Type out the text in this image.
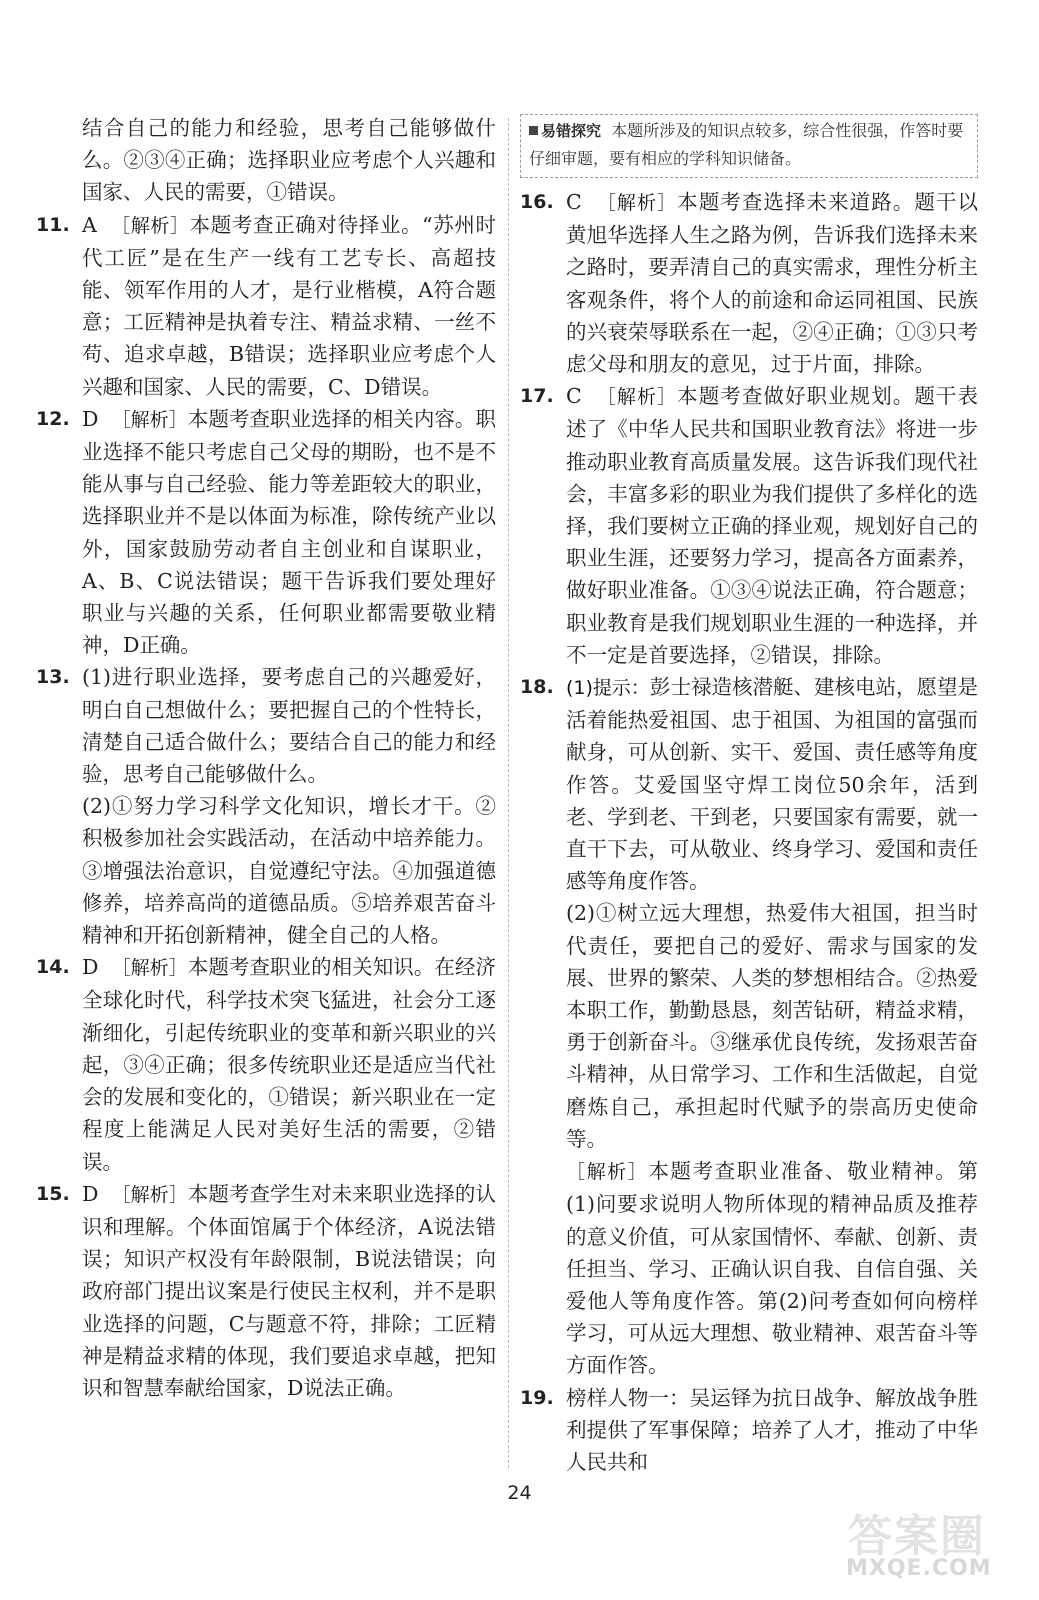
结合自己的能力和经验，思考自己能够做什么。②③④正确；选择职业应考虑个人兴趣和国家、人民的需要，①错误。
11. A ［解析］本题考查正确对待择业。“苏州时代工匠”是在生产一线有工艺专长、高超技能、领军作用的人才，是行业楷模，A符合题意；工匠精神是执着专注、精益求精、一丝不苟、追求卓越，B错误；选择职业应考虑个人兴趣和国家、人民的需要，C、D错误。
12. D ［解析］本题考查职业选择的相关内容。职业选择不能只考虑自己父母的期盼，也不是不能从事与自己经验、能力等差距较大的职业，选择职业并不是以体面为标准，除传统产业以外，国家鼓励劳动者自主创业和自谋职业，A、B、C说法错误；题干告诉我们要处理好职业与兴趣的关系，任何职业都需要敬业精神，D正确。
13. (1)进行职业选择，要考虑自己的兴趣爱好，明白自己想做什么；要把握自己的个性特长，清楚自己适合做什么；要结合自己的能力和经验，思考自己能够做什么。
(2)①努力学习科学文化知识，增长才干。②积极参加社会实践活动，在活动中培养能力。③增强法治意识，自觉遵纪守法。④加强道德修养，培养高尚的道德品质。⑤培养艰苦奋斗精神和开拓创新精神，健全自己的人格。
14. D ［解析］本题考查职业的相关知识。在经济全球化时代，科学技术突飞猛进，社会分工逐渐细化，引起传统职业的变革和新兴职业的兴起，③④正确；很多传统职业还是适应当代社会的发展和变化的，①错误；新兴职业在一定程度上能满足人民对美好生活的需要，②错误。
15. D ［解析］本题考查学生对未来职业选择的认识和理解。个体面馆属于个体经济，A说法错误；知识产权没有年龄限制，B说法错误；向政府部门提出议案是行使民主权利，并不是职业选择的问题，C与题意不符，排除；工匠精神是精益求精的体现，我们要追求卓越，把知识和智慧奉献给国家，D说法正确。
易错探究 本题所涉及的知识点较多，综合性很强，作答时要仔细审题，要有相应的学科知识储备。
16. C ［解析］本题考查选择未来道路。题干以黄旭华选择人生之路为例，告诉我们选择未来之路时，要弄清自己的真实需求，理性分析主客观条件，将个人的前途和命运同祖国、民族的兴衰荣辱联系在一起，②④正确；①③只考虑父母和朋友的意见，过于片面，排除。
17. C ［解析］本题考查做好职业规划。题干表述了《中华人民共和国职业教育法》将进一步推动职业教育高质量发展。这告诉我们现代社会，丰富多彩的职业为我们提供了多样化的选择，我们要树立正确的择业观，规划好自己的职业生涯，还要努力学习，提高各方面素养，做好职业准备。①③④说法正确，符合题意；职业教育是我们规划职业生涯的一种选择，并不一定是首要选择，②错误，排除。
18. (1)提示：彭士禄造核潜艇、建核电站，愿望是活着能热爱祖国、忠于祖国、为祖国的富强而献身，可从创新、实干、爱国、责任感等角度作答。艾爱国坚守焊工岗位50余年，活到老、学到老、干到老，只要国家有需要，就一直干下去，可从敬业、终身学习、爱国和责任感等角度作答。
(2)①树立远大理想，热爱伟大祖国，担当时代责任，要把自己的爱好、需求与国家的发展、世界的繁荣、人类的梦想相结合。②热爱本职工作，勤勤恳恳，刻苦钻研，精益求精，勇于创新奋斗。③继承优良传统，发扬艰苦奋斗精神，从日常学习、工作和生活做起，自觉磨炼自己，承担起时代赋予的崇高历史使命等。
［解析］本题考查职业准备、敬业精神。第(1)问要求说明人物所体现的精神品质及推荐的意义价值，可从家国情怀、奉献、创新、责任担当、学习、正确认识自我、自信自强、关爱他人等角度作答。第(2)问考查如何向榜样学习，可从远大理想、敬业精神、艰苦奋斗等方面作答。
19. 榜样人物一：吴运铎为抗日战争、解放战争胜利提供了军事保障；培养了人才，推动了中华人民共和
24
答案圈
MXQE.COM
